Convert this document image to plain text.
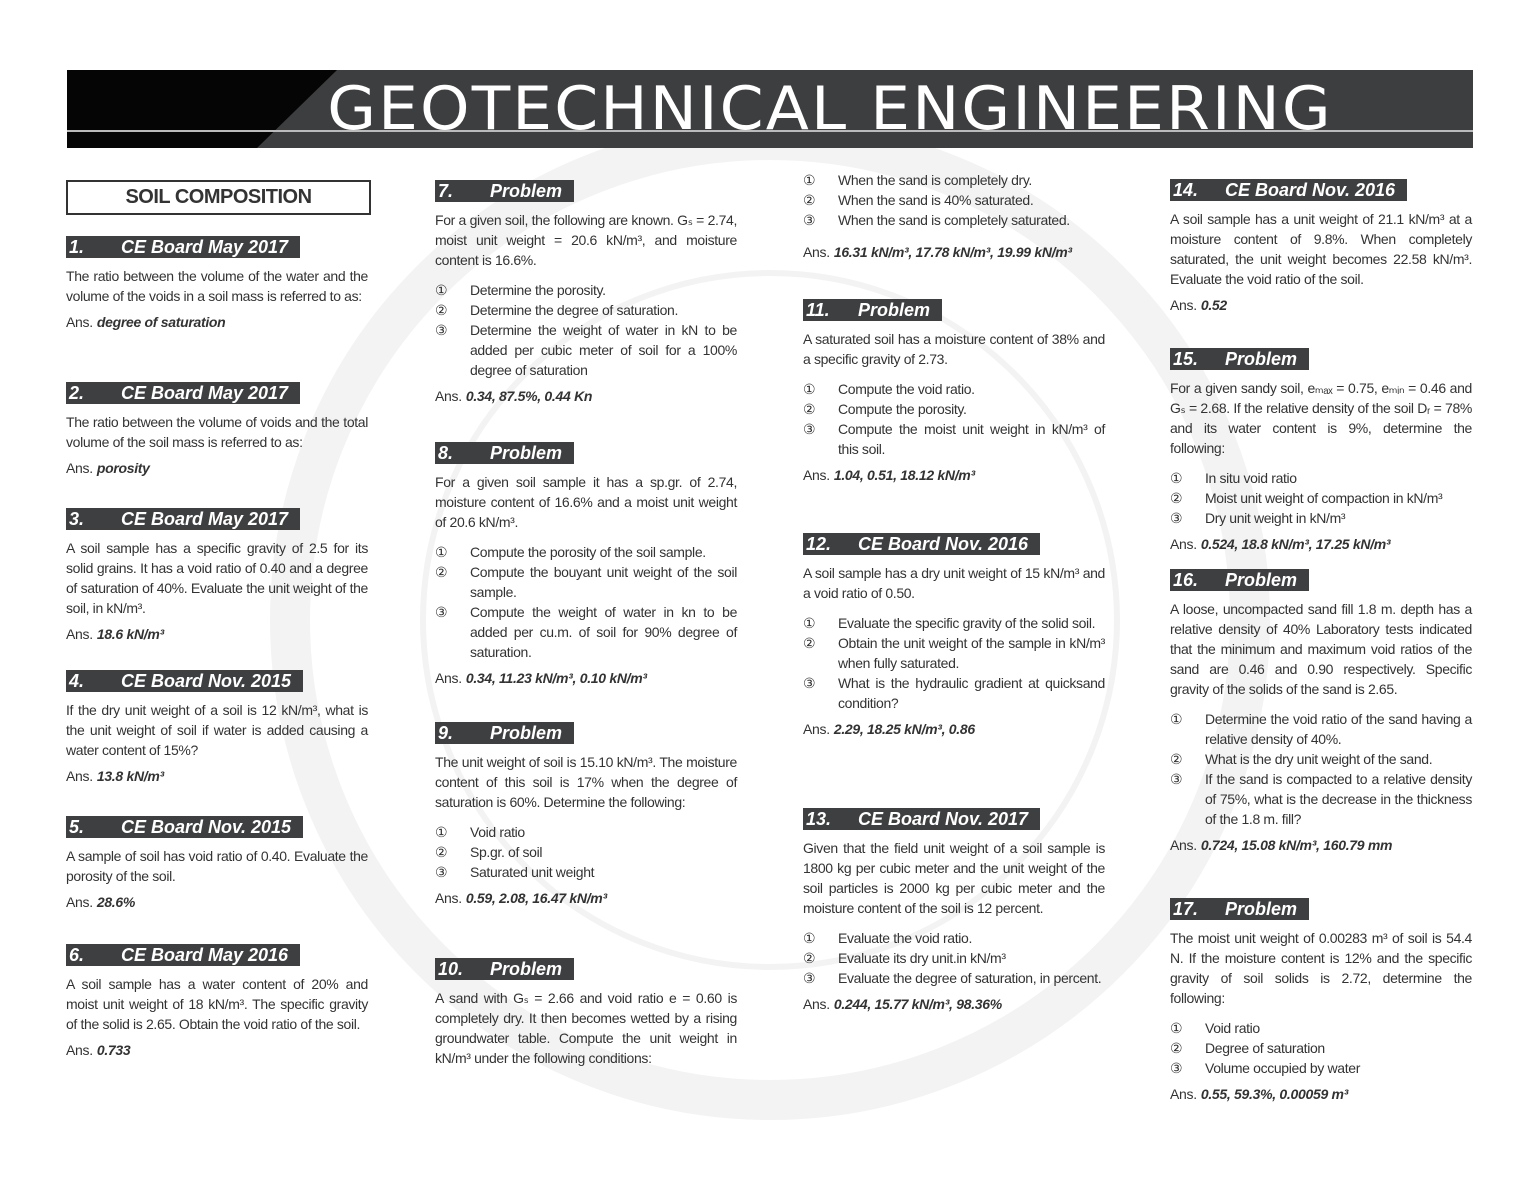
GEOTECHNICAL ENGINEERING
SOIL COMPOSITION
1. CE Board May 2017
The ratio between the volume of the water and the volume of the voids in a soil mass is referred to as:
Ans. degree of saturation
2. CE Board May 2017
The ratio between the volume of voids and the total volume of the soil mass is referred to as:
Ans. porosity
3. CE Board May 2017
A soil sample has a specific gravity of 2.5 for its solid grains. It has a void ratio of 0.40 and a degree of saturation of 40%. Evaluate the unit weight of the soil, in kN/m³.
Ans. 18.6 kN/m³
4. CE Board Nov. 2015
If the dry unit weight of a soil is 12 kN/m³, what is the unit weight of soil if water is added causing a water content of 15%?
Ans. 13.8 kN/m³
5. CE Board Nov. 2015
A sample of soil has void ratio of 0.40. Evaluate the porosity of the soil.
Ans. 28.6%
6. CE Board May 2016
A soil sample has a water content of 20% and moist unit weight of 18 kN/m³. The specific gravity of the solid is 2.65. Obtain the void ratio of the soil.
Ans. 0.733
7. Problem
For a given soil, the following are known. Gₛ = 2.74, moist unit weight = 20.6 kN/m³, and moisture content is 16.6%.
①	Determine the porosity.
②	Determine the degree of saturation.
③	Determine the weight of water in kN to be added per cubic meter of soil for a 100% degree of saturation
Ans. 0.34, 87.5%, 0.44 Kn
8. Problem
For a given soil sample it has a sp.gr. of 2.74, moisture content of 16.6% and a moist unit weight of 20.6 kN/m³.
①	Compute the porosity of the soil sample.
②	Compute the bouyant unit weight of the soil sample.
③	Compute the weight of water in kn to be added per cu.m. of soil for 90% degree of saturation.
Ans. 0.34, 11.23 kN/m³, 0.10 kN/m³
9. Problem
The unit weight of soil is 15.10 kN/m³. The moisture content of this soil is 17% when the degree of saturation is 60%. Determine the following:
①	Void ratio
②	Sp.gr. of soil
③	Saturated unit weight
Ans. 0.59, 2.08, 16.47 kN/m³
10. Problem
A sand with Gₛ = 2.66 and void ratio e = 0.60 is completely dry. It then becomes wetted by a rising groundwater table. Compute the unit weight in kN/m³ under the following conditions:
①	When the sand is completely dry.
②	When the sand is 40% saturated.
③	When the sand is completely saturated.
Ans. 16.31 kN/m³, 17.78 kN/m³, 19.99 kN/m³
11. Problem
A saturated soil has a moisture content of 38% and a specific gravity of 2.73.
①	Compute the void ratio.
②	Compute the porosity.
③	Compute the moist unit weight in kN/m³ of this soil.
Ans. 1.04, 0.51, 18.12 kN/m³
12. CE Board Nov. 2016
A soil sample has a dry unit weight of 15 kN/m³ and a void ratio of 0.50.
①	Evaluate the specific gravity of the solid soil.
②	Obtain the unit weight of the sample in kN/m³ when fully saturated.
③	What is the hydraulic gradient at quicksand condition?
Ans. 2.29, 18.25 kN/m³, 0.86
13. CE Board Nov. 2017
Given that the field unit weight of a soil sample is 1800 kg per cubic meter and the unit weight of the soil particles is 2000 kg per cubic meter and the moisture content of the soil is 12 percent.
①	Evaluate the void ratio.
②	Evaluate its dry unit.in kN/m³
③	Evaluate the degree of saturation, in percent.
Ans. 0.244, 15.77 kN/m³, 98.36%
14. CE Board Nov. 2016
A soil sample has a unit weight of 21.1 kN/m³ at a moisture content of 9.8%. When completely saturated, the unit weight becomes 22.58 kN/m³. Evaluate the void ratio of the soil.
Ans. 0.52
15. Problem
For a given sandy soil, eₘₐₓ = 0.75, eₘᵢₙ = 0.46 and Gₛ = 2.68. If the relative density of the soil Dᵣ = 78% and its water content is 9%, determine the following:
①	In situ void ratio
②	Moist unit weight of compaction in kN/m³
③	Dry unit weight in kN/m³
Ans. 0.524, 18.8 kN/m³, 17.25 kN/m³
16. Problem
A loose, uncompacted sand fill 1.8 m. depth has a relative density of 40% Laboratory tests indicated that the minimum and maximum void ratios of the sand are 0.46 and 0.90 respectively. Specific gravity of the solids of the sand is 2.65.
①	Determine the void ratio of the sand having a relative density of 40%.
②	What is the dry unit weight of the sand.
③	If the sand is compacted to a relative density of 75%, what is the decrease in the thickness of the 1.8 m. fill?
Ans. 0.724, 15.08 kN/m³, 160.79 mm
17. Problem
The moist unit weight of 0.00283 m³ of soil is 54.4 N. If the moisture content is 12% and the specific gravity of soil solids is 2.72, determine the following:
①	Void ratio
②	Degree of saturation
③	Volume occupied by water
Ans. 0.55, 59.3%, 0.00059 m³
